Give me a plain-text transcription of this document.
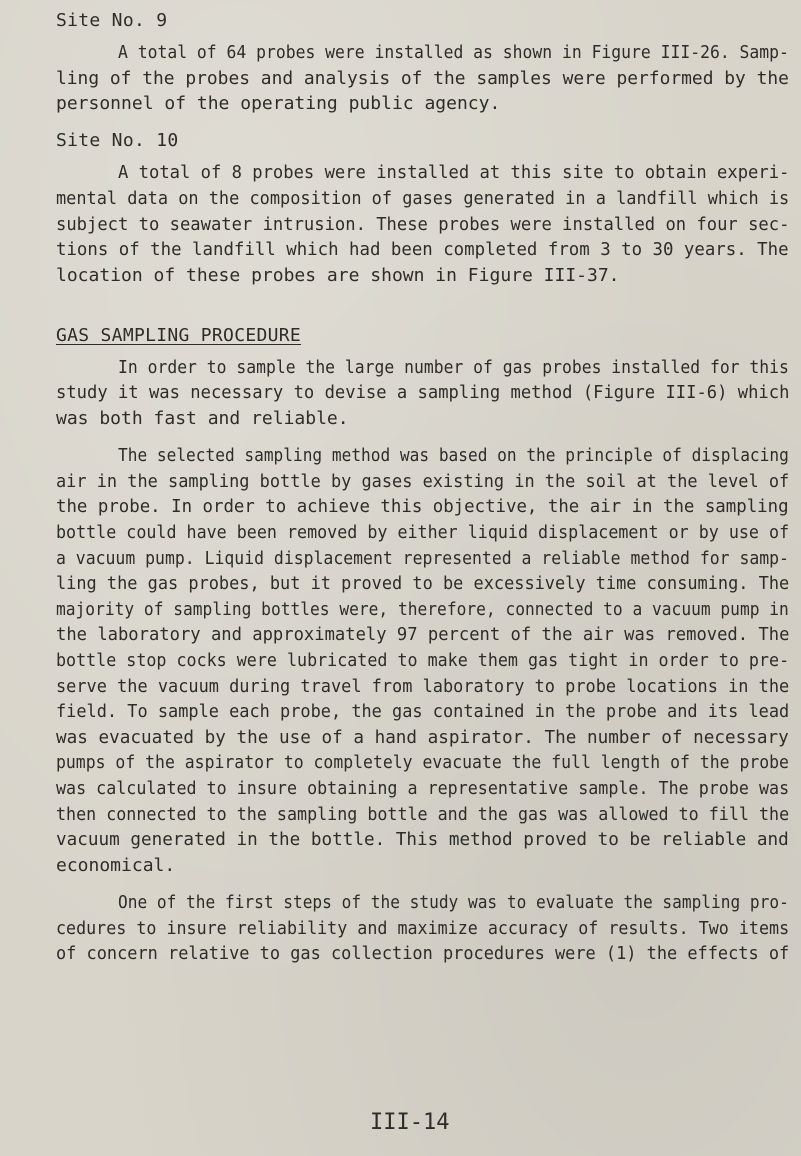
Site No. 9
A total of 64 probes were installed as shown in Figure III-26. Samp-
ling of the probes and analysis of the samples were performed by the
personnel of the operating public agency.
Site No. 10
A total of 8 probes were installed at this site to obtain experi-
mental data on the composition of gases generated in a landfill which is
subject to seawater intrusion. These probes were installed on four sec-
tions of the landfill which had been completed from 3 to 30 years. The
location of these probes are shown in Figure III-37.
GAS SAMPLING PROCEDURE
In order to sample the large number of gas probes installed for this
study it was necessary to devise a sampling method (Figure III-6) which
was both fast and reliable.
The selected sampling method was based on the principle of displacing
air in the sampling bottle by gases existing in the soil at the level of
the probe. In order to achieve this objective, the air in the sampling
bottle could have been removed by either liquid displacement or by use of
a vacuum pump. Liquid displacement represented a reliable method for samp-
ling the gas probes, but it proved to be excessively time consuming. The
majority of sampling bottles were, therefore, connected to a vacuum pump in
the laboratory and approximately 97 percent of the air was removed. The
bottle stop cocks were lubricated to make them gas tight in order to pre-
serve the vacuum during travel from laboratory to probe locations in the
field. To sample each probe, the gas contained in the probe and its lead
was evacuated by the use of a hand aspirator. The number of necessary
pumps of the aspirator to completely evacuate the full length of the probe
was calculated to insure obtaining a representative sample. The probe was
then connected to the sampling bottle and the gas was allowed to fill the
vacuum generated in the bottle. This method proved to be reliable and
economical.
One of the first steps of the study was to evaluate the sampling pro-
cedures to insure reliability and maximize accuracy of results. Two items
of concern relative to gas collection procedures were (1) the effects of
III-14
